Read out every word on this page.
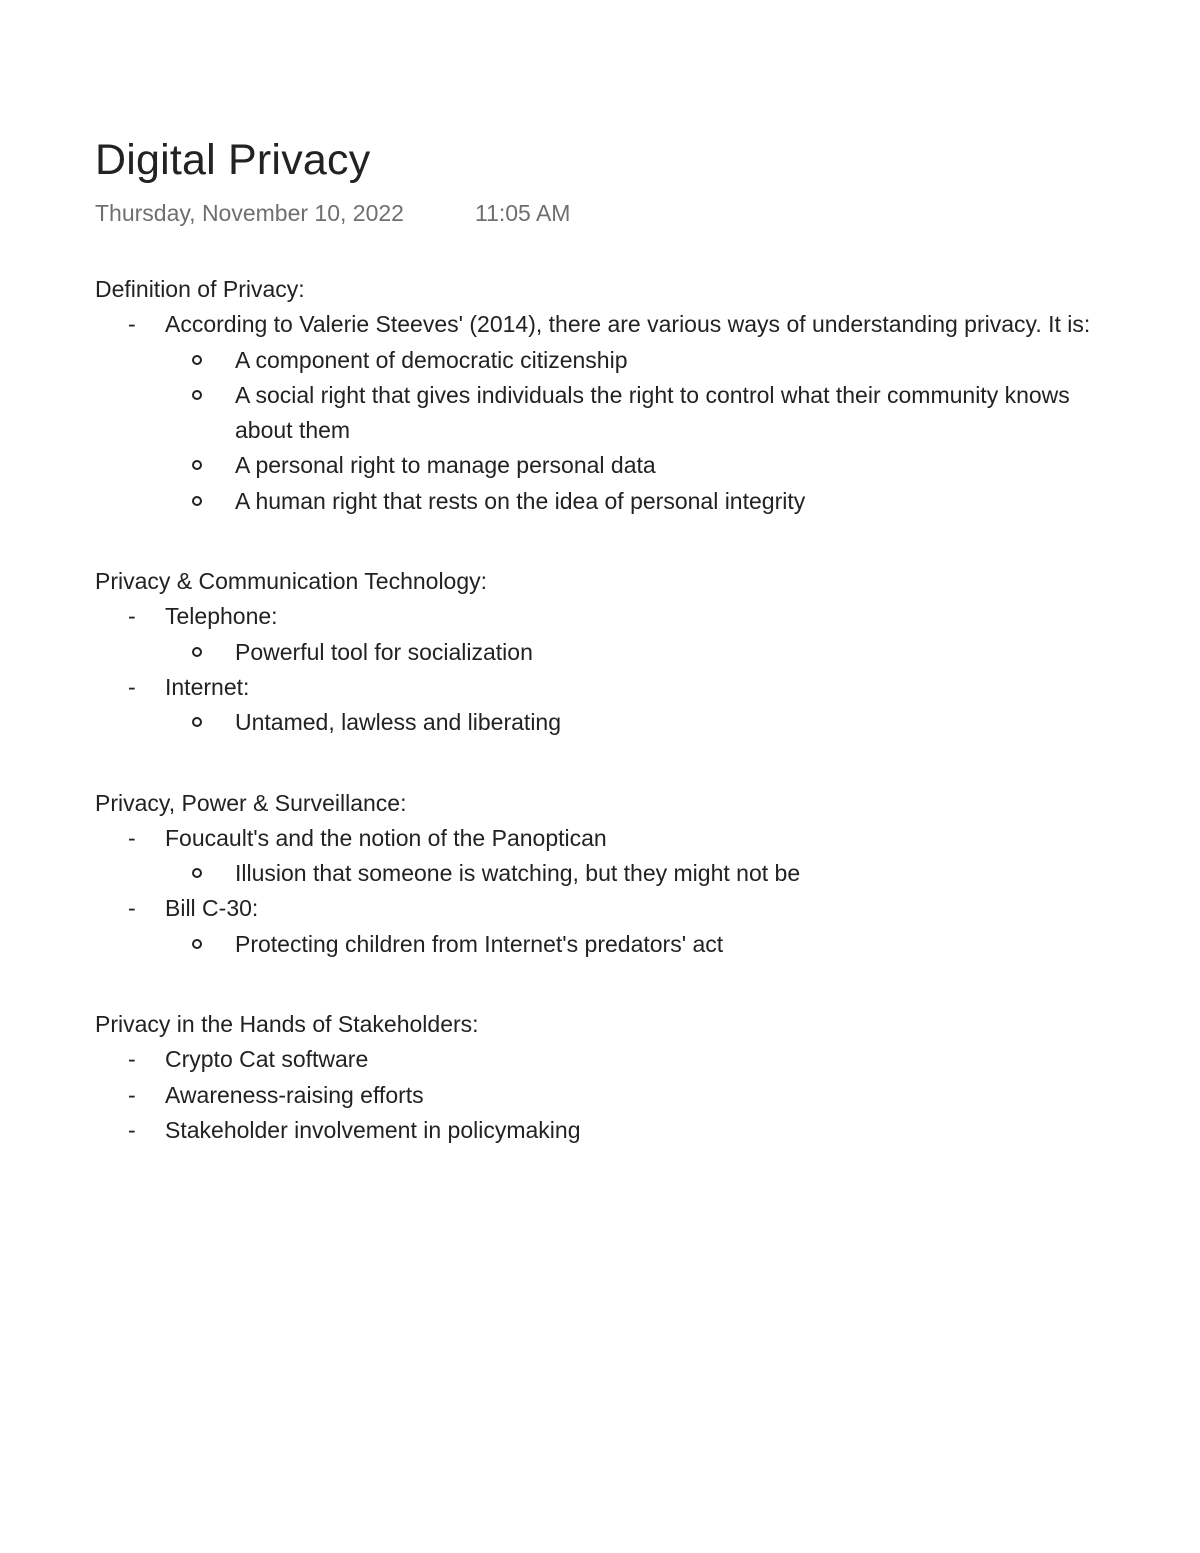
Digital Privacy
Thursday, November 10, 2022	11:05 AM

Definition of Privacy:

- According to Valerie Steeves' (2014), there are various ways of understanding privacy. It is:
A component of democratic citizenship
A social right that gives individuals the right to control what their community knows about them
A personal right to manage personal data
A human right that rests on the idea of personal integrity

Privacy & Communication Technology:

- Telephone:
Powerful tool for socialization
- Internet:
Untamed, lawless and liberating

Privacy, Power & Surveillance:

- Foucault's and the notion of the Panoptican
Illusion that someone is watching, but they might not be
- Bill C-30:
Protecting children from Internet's predators' act

Privacy in the Hands of Stakeholders:

- Crypto Cat software
- Awareness-raising efforts
- Stakeholder involvement in policymaking
